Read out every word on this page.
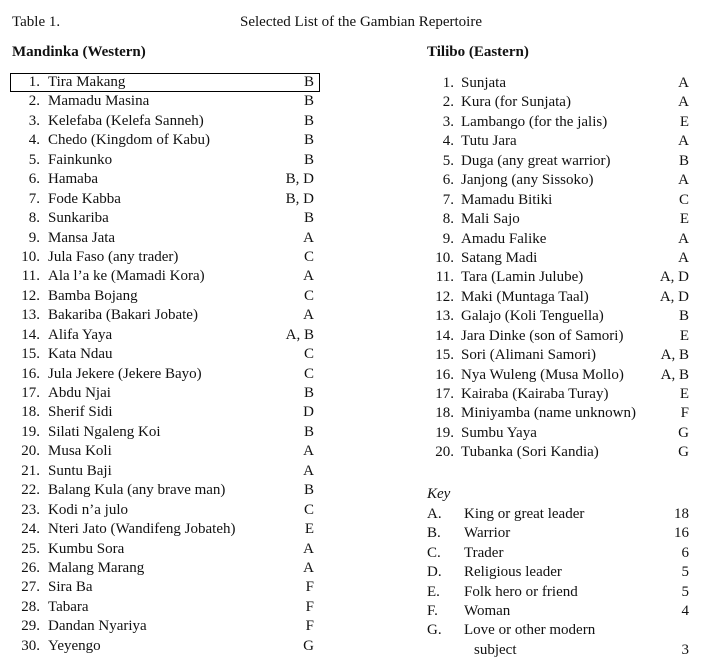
Table 1.	Selected List of the Gambian Repertoire
Mandinka (Western)	Tilibo (Eastern)
1. Tira Makang	B
2. Mamadu Masina	B
3. Kelefaba (Kelefa Sanneh)	B
4. Chedo (Kingdom of Kabu)	B
5. Fainkunko	B
6. Hamaba	B, D
7. Fode Kabba	B, D
8. Sunkariba	B
9. Mansa Jata	A
10. Jula Faso (any trader)	C
11. Ala l’a ke (Mamadi Kora)	A
12. Bamba Bojang	C
13. Bakariba (Bakari Jobate)	A
14. Alifa Yaya	A, B
15. Kata Ndau	C
16. Jula Jekere (Jekere Bayo)	C
17. Abdu Njai	B
18. Sherif Sidi	D
19. Silati Ngaleng Koi	B
20. Musa Koli	A
21. Suntu Baji	A
22. Balang Kula (any brave man)	B
23. Kodi n’a julo	C
24. Nteri Jato (Wandifeng Jobateh)	E
25. Kumbu Sora	A
26. Malang Marang	A
27. Sira Ba	F
28. Tabara	F
29. Dandan Nyariya	F
30. Yeyengo	G
1. Sunjata	A
2. Kura (for Sunjata)	A
3. Lambango (for the jalis)	E
4. Tutu Jara	A
5. Duga (any great warrior)	B
6. Janjong (any Sissoko)	A
7. Mamadu Bitiki	C
8. Mali Sajo	E
9. Amadu Falike	A
10. Satang Madi	A
11. Tara (Lamin Julube)	A, D
12. Maki (Muntaga Taal)	A, D
13. Galajo (Koli Tenguella)	B
14. Jara Dinke (son of Samori)	E
15. Sori (Alimani Samori)	A, B
16. Nya Wuleng (Musa Mollo) A, B
17. Kairaba (Kairaba Turay)	E
18. Miniyamba (name unknown)	F
19. Sumbu Yaya	G
20. Tubanka (Sori Kandia)	G
Key
A. King or great leader	18
B. Warrior	16
C. Trader	6
D. Religious leader	5
E. Folk hero or friend	5
F. Woman	4
G. Love or other modern
subject	3
